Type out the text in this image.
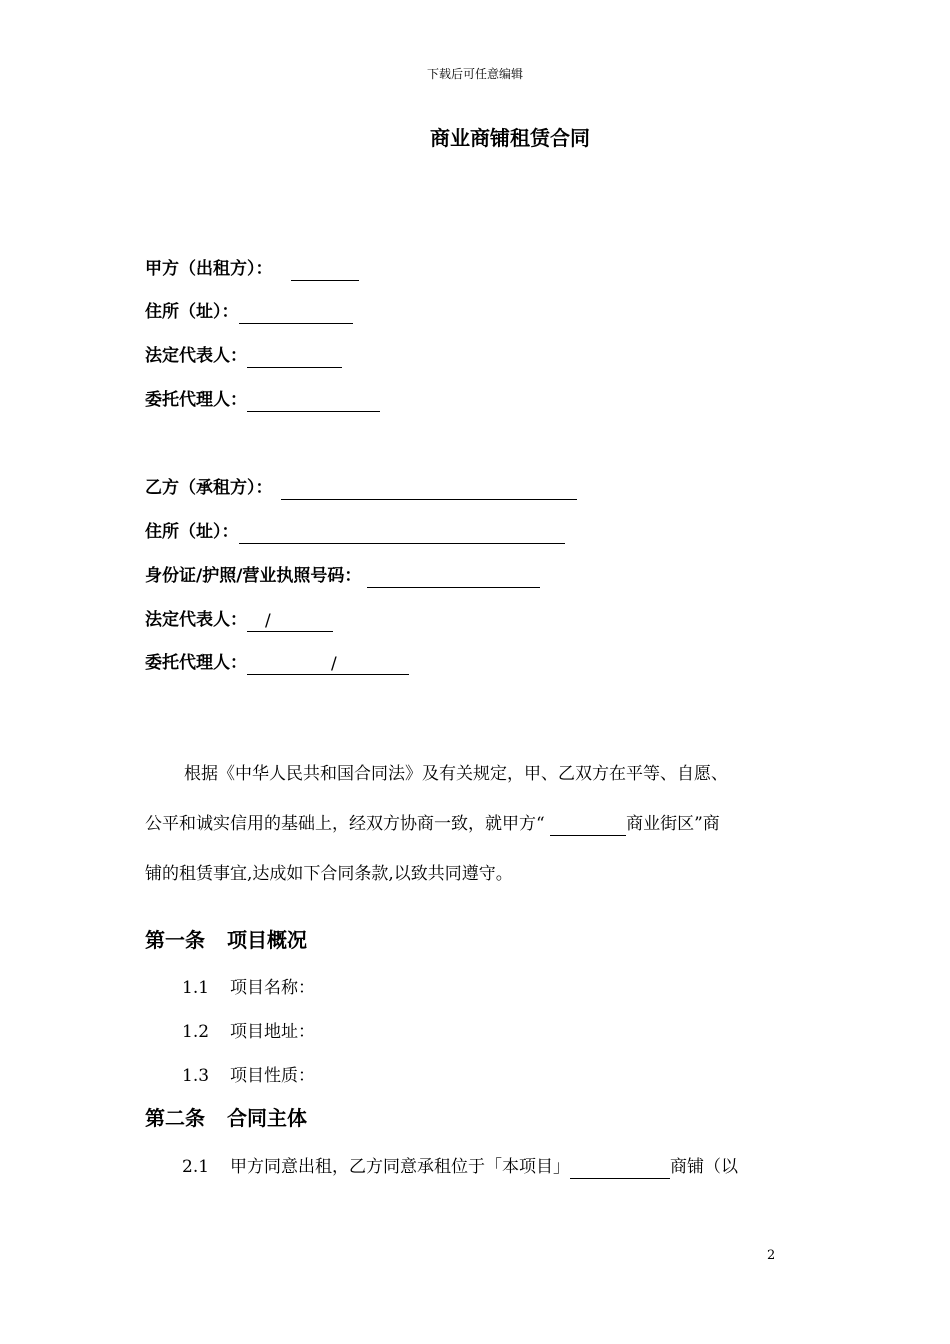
下载后可任意编辑
商业商铺租赁合同
甲方（出租方）：
住所（址）：
法定代表人：
委托代理人：
乙方（承租方）：
住所（址）：
身份证/护照/营业执照号码：
法定代表人： /
委托代理人：	/
根据《中华人民共和国合同法》及有关规定，甲、乙双方在平等、自愿、
公平和诚实信用的基础上，经双方协商一致，就甲方“	商业街区”商
铺的租赁事宜,达成如下合同条款,以致共同遵守。
第一条 项目概况
1.1 项目名称：
1.2 项目地址：
1.3 项目性质：
第二条 合同主体
2.1 甲方同意出租，乙方同意承租位于「本项目」	商铺（以
2
